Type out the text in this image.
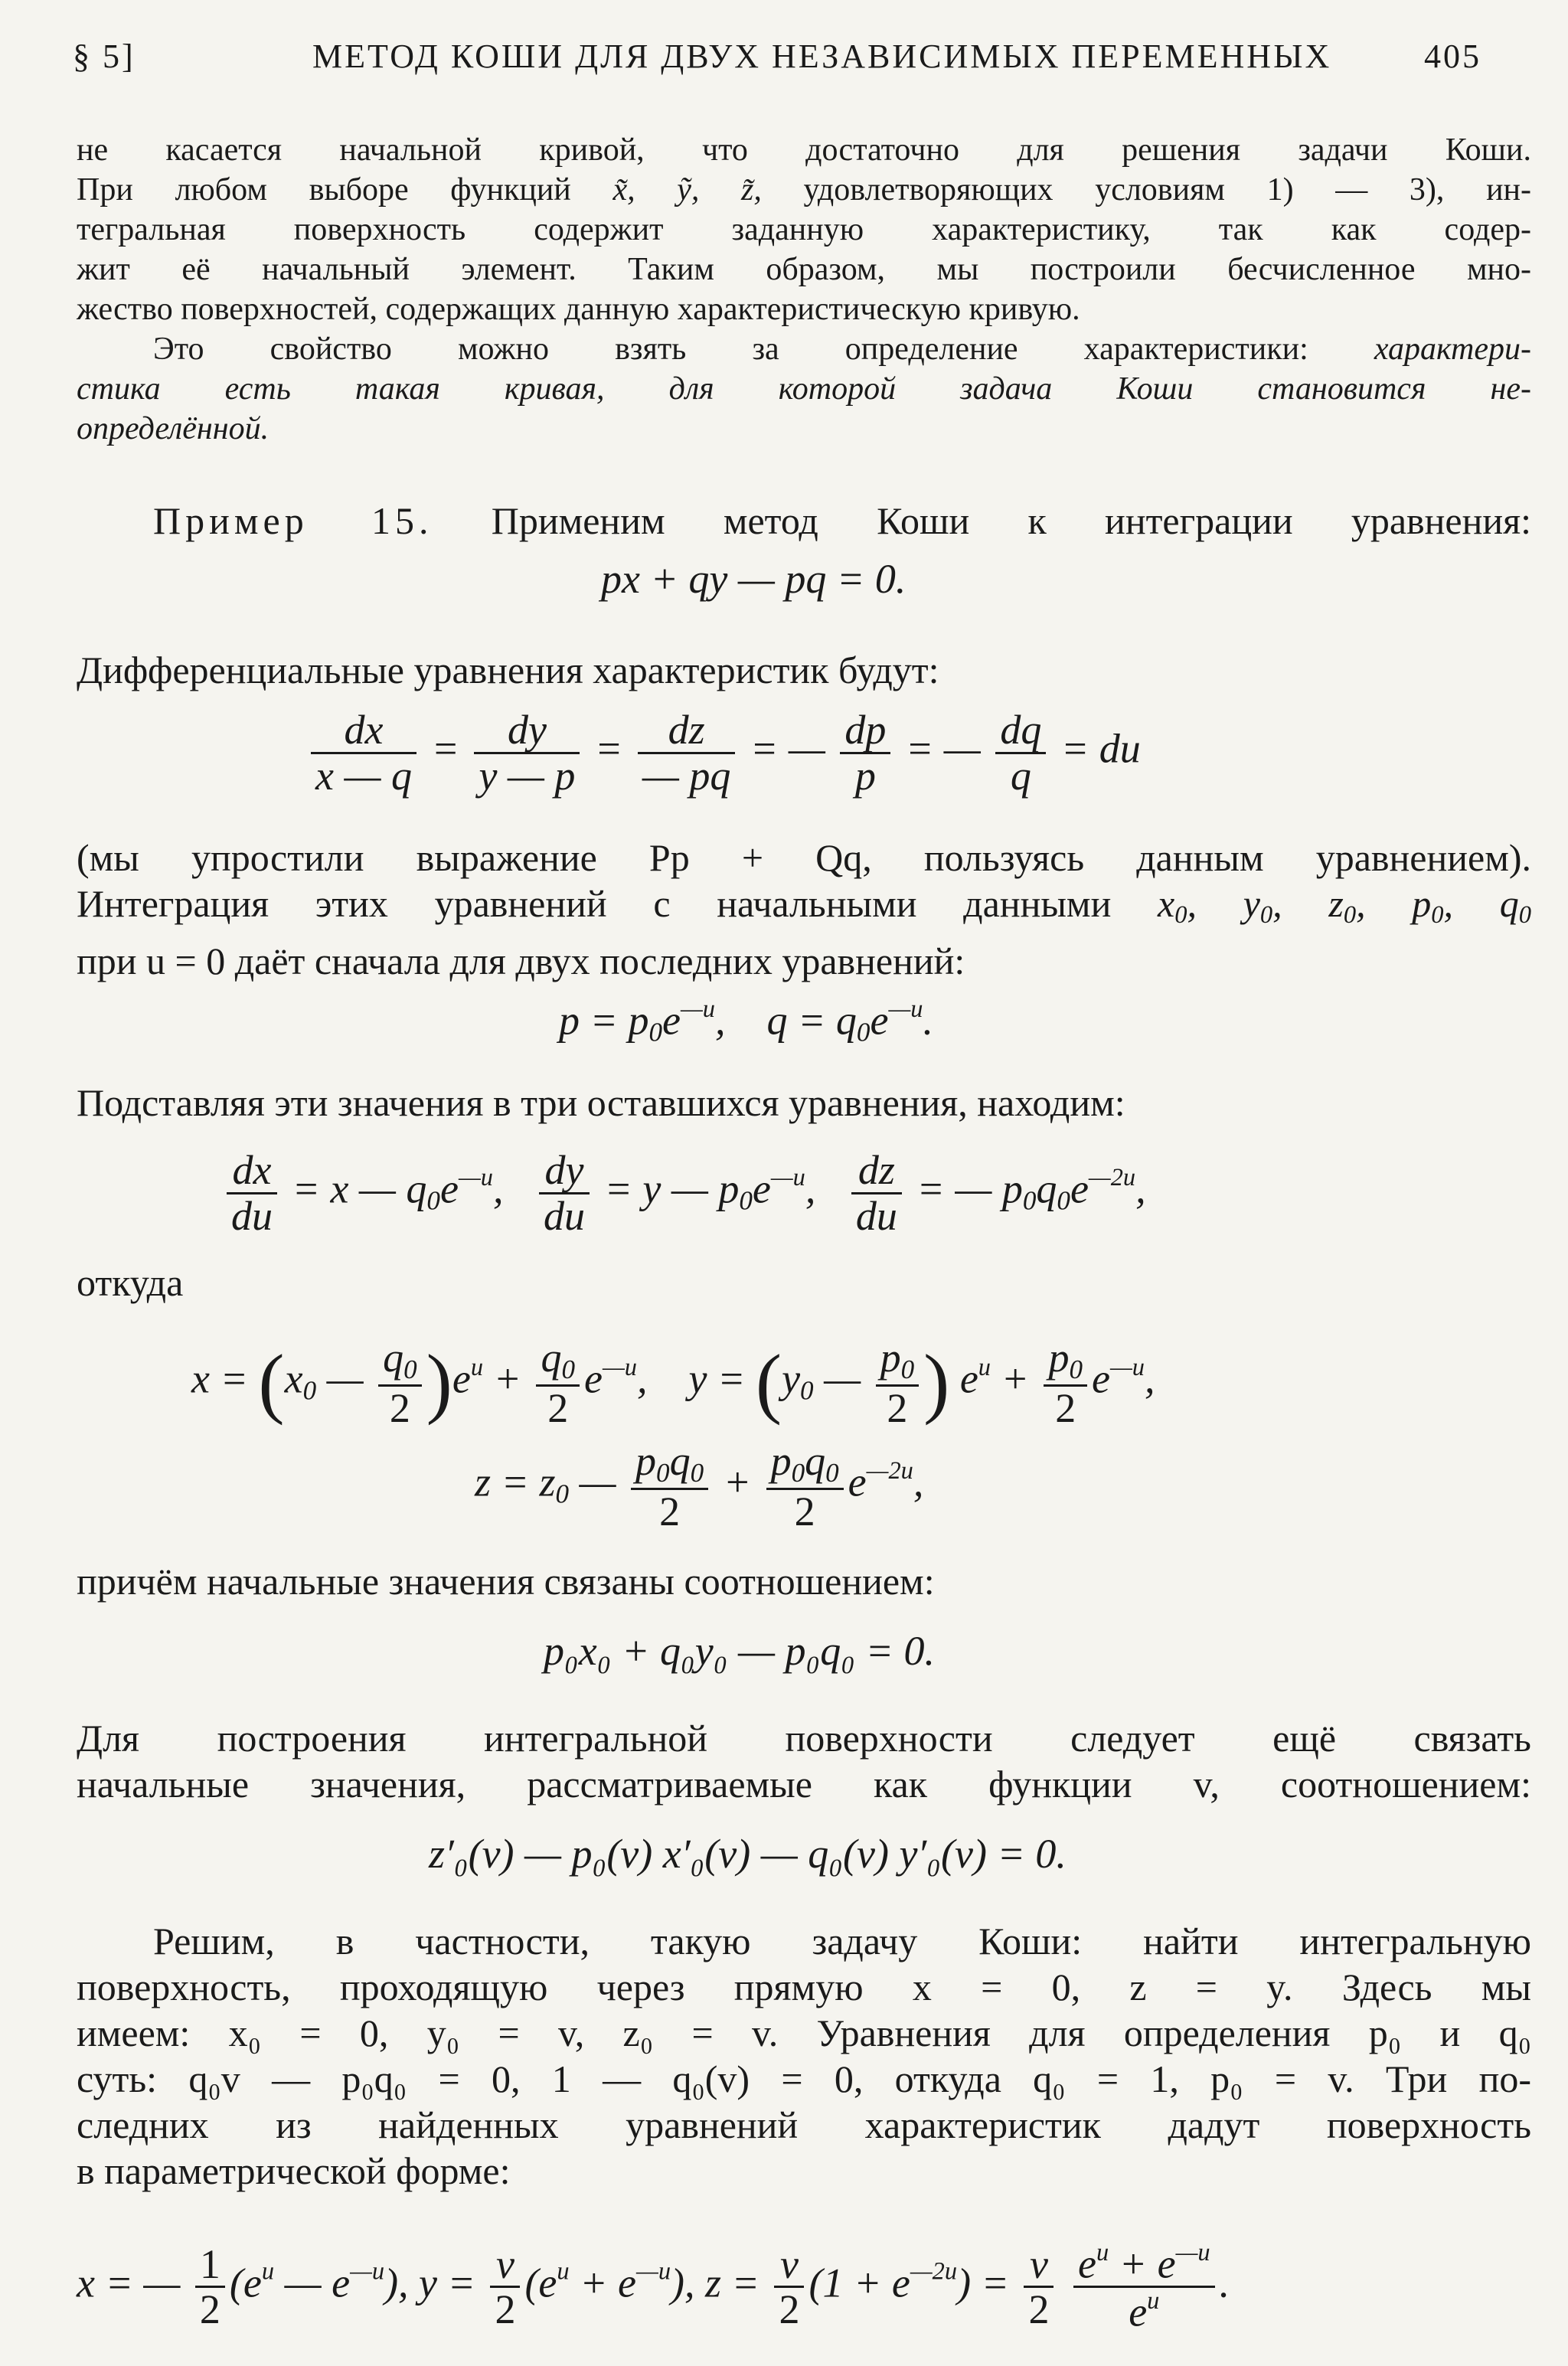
§ 5]	МЕТОД КОШИ ДЛЯ ДВУХ НЕЗАВИСИМЫХ ПЕРЕМЕННЫХ	405
не касается начальной кривой, что достаточно для решения задачи Коши.
При любом выборе функций x̃, ỹ, z̃, удовлетворяющих условиям 1) — 3), ин-
тегральная поверхность содержит заданную характеристику, так как содер-
жит её начальный элемент. Таким образом, мы построили бесчисленное мно-
жество поверхностей, содержащих данную характеристическую кривую.
Это свойство можно взять за определение характеристики: характери-
стика есть такая кривая, для которой задача Коши становится не-
определённой.
Пример 15. Применим метод Коши к интеграции уравнения:
px + qy — pq = 0.
Дифференциальные уравнения характеристик будут:
$\frac{dx}{x — q} = \frac{dy}{y — p} = \frac{dz}{— pq}$ = — $\frac{dp}{p}$ = — $\frac{dq}{q}$ = du
(мы упростили выражение Pp + Qq, пользуясь данным уравнением).
Интеграция этих уравнений с начальными данными $x_0$, $y_0$, $z_0$, $p_0$, $q_0$
при u = 0 даёт сначала для двух последних уравнений:
$p = p_0e^{—u}$,    $q = q_0e^{—u}$.
Подставляя эти значения в три оставшихся уравнения, находим:
$\frac{dx}{du} = x$ — $q_0e^{—u}$, $\frac{dy}{du} = y$ — $p_0e^{—u}$, $\frac{dz}{du}$ = — $p_0q_0e^{—2u}$,
откуда
$x = (x_0$ — $\frac{q_0}{2} )e^u + \frac{q_0}{2} e^{—u}$,    $y = (y_0$ — $\frac{p_0}{2}$ ) $e^u + \frac{p_0}{2} e^{—u}$,
$z = z_0$ — $\frac{p_0q_0}{2} + \frac{p_0q_0}{2} e^{—2u}$,
причём начальные значения связаны соотношением:
p₀x₀ + q₀y₀ — p₀q₀ = 0.
Для построения интегральной поверхности следует ещё связать
начальные значения, рассматриваемые как функции v, соотношением:
z′₀(v) — p₀(v) x′₀(v) — q₀(v) y′₀(v) = 0.
Решим, в частности, такую задачу Коши: найти интегральную
поверхность, проходящую через прямую x = 0, z = y. Здесь мы
имеем: x₀ = 0, y₀ = v, z₀ = v. Уравнения для определения p₀ и q₀
суть: q₀v — p₀q₀ = 0, 1 — q₀(v) = 0, откуда q₀ = 1, p₀ = v. Три по-
следних из найденных уравнений характеристик дадут поверхность
в параметрической форме:
x = — $\frac{1}{2} (e^u$ — $e^{—u}$), $y = \frac{v}{2} (e^u + e^{—u})$, $z = \frac{v}{2} (1 + e^{—2u}) = \frac{v}{2}$
$\frac{e^u + e^{—u}}{e^u}$ .
